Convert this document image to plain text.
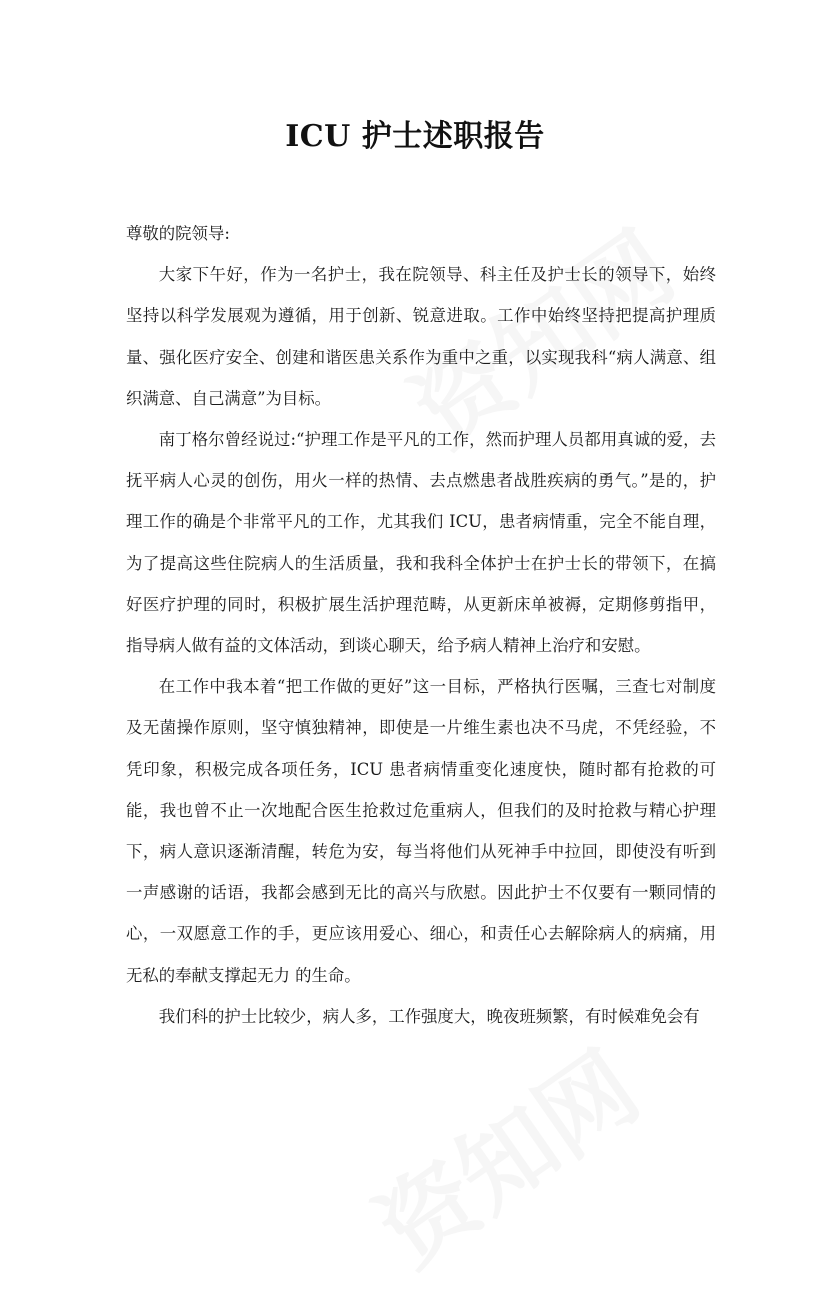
ICU 护士述职报告

尊敬的院领导:

大家下午好，作为一名护士，我在院领导、科主任及护士长的领导下，始终坚持以科学发展观为遵循，用于创新、锐意进取。工作中始终坚持把提高护理质量、强化医疗安全、创建和谐医患关系作为重中之重，以实现我科“病人满意、组织满意、自己满意”为目标。

南丁格尔曾经说过:“护理工作是平凡的工作，然而护理人员都用真诚的爱，去抚平病人心灵的创伤，用火一样的热情、去点燃患者战胜疾病的勇气。”是的，护理工作的确是个非常平凡的工作，尤其我们 ICU，患者病情重，完全不能自理，为了提高这些住院病人的生活质量，我和我科全体护士在护士长的带领下，在搞好医疗护理的同时，积极扩展生活护理范畴，从更新床单被褥，定期修剪指甲，指导病人做有益的文体活动，到谈心聊天，给予病人精神上治疗和安慰。

在工作中我本着“把工作做的更好”这一目标，严格执行医嘱，三查七对制度及无菌操作原则，坚守慎独精神，即使是一片维生素也决不马虎，不凭经验，不凭印象，积极完成各项任务，ICU 患者病情重变化速度快，随时都有抢救的可能，我也曾不止一次地配合医生抢救过危重病人，但我们的及时抢救与精心护理下，病人意识逐渐清醒，转危为安，每当将他们从死神手中拉回，即使没有听到一声感谢的话语，我都会感到无比的高兴与欣慰。因此护士不仅要有一颗同情的心，一双愿意工作的手，更应该用爱心、细心，和责任心去解除病人的病痛，用无私的奉献支撑起无力 的生命。

我们科的护士比较少，病人多，工作强度大，晚夜班频繁，有时候难免会有
